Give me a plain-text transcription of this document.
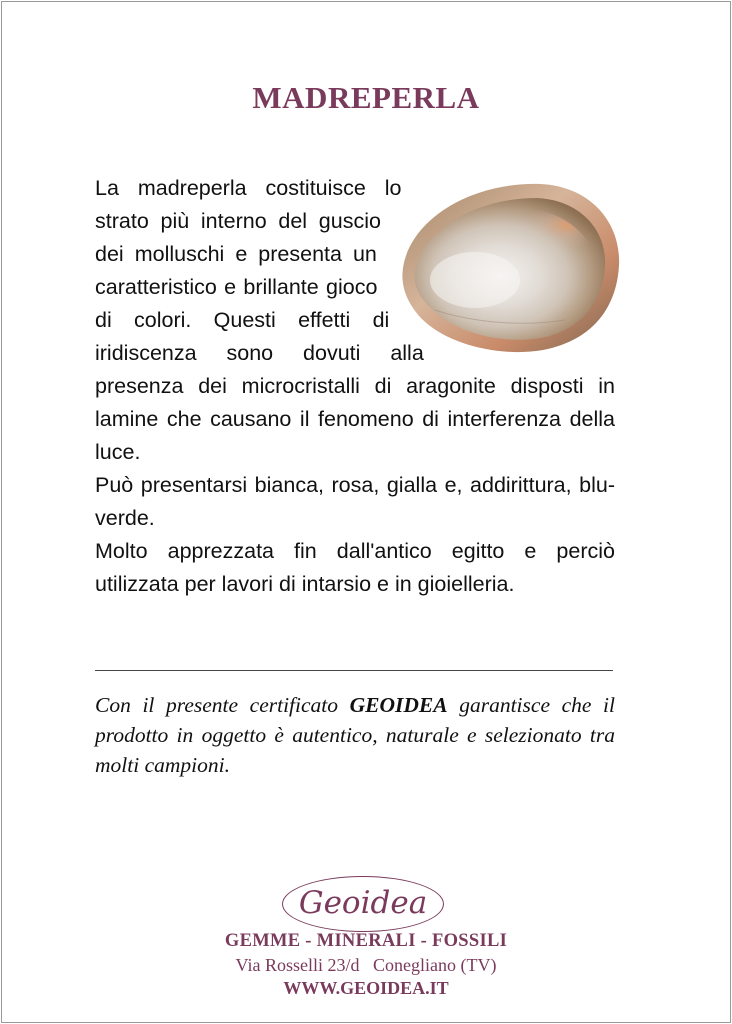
MADREPERLA

La madreperla costituisce lo strato più interno del guscio dei molluschi e presenta un caratteristico e brillante gioco di colori. Questi effetti di iridiscenza sono dovuti alla presenza dei microcristalli di aragonite disposti in lamine che causano il fenomeno di interferenza della luce.

Può presentarsi bianca, rosa, gialla e, addirittura, blu-verde.

Molto apprezzata fin dall'antico egitto e perciò utilizzata per lavori di intarsio e in gioielleria.

Con il presente certificato GEOIDEA garantisce che il prodotto in oggetto è autentico, naturale e selezionato tra molti campioni.
Geoidea
GEMME - MINERALI - FOSSILI
Via Rosselli 23/d   Conegliano (TV)
WWW.GEOIDEA.IT
